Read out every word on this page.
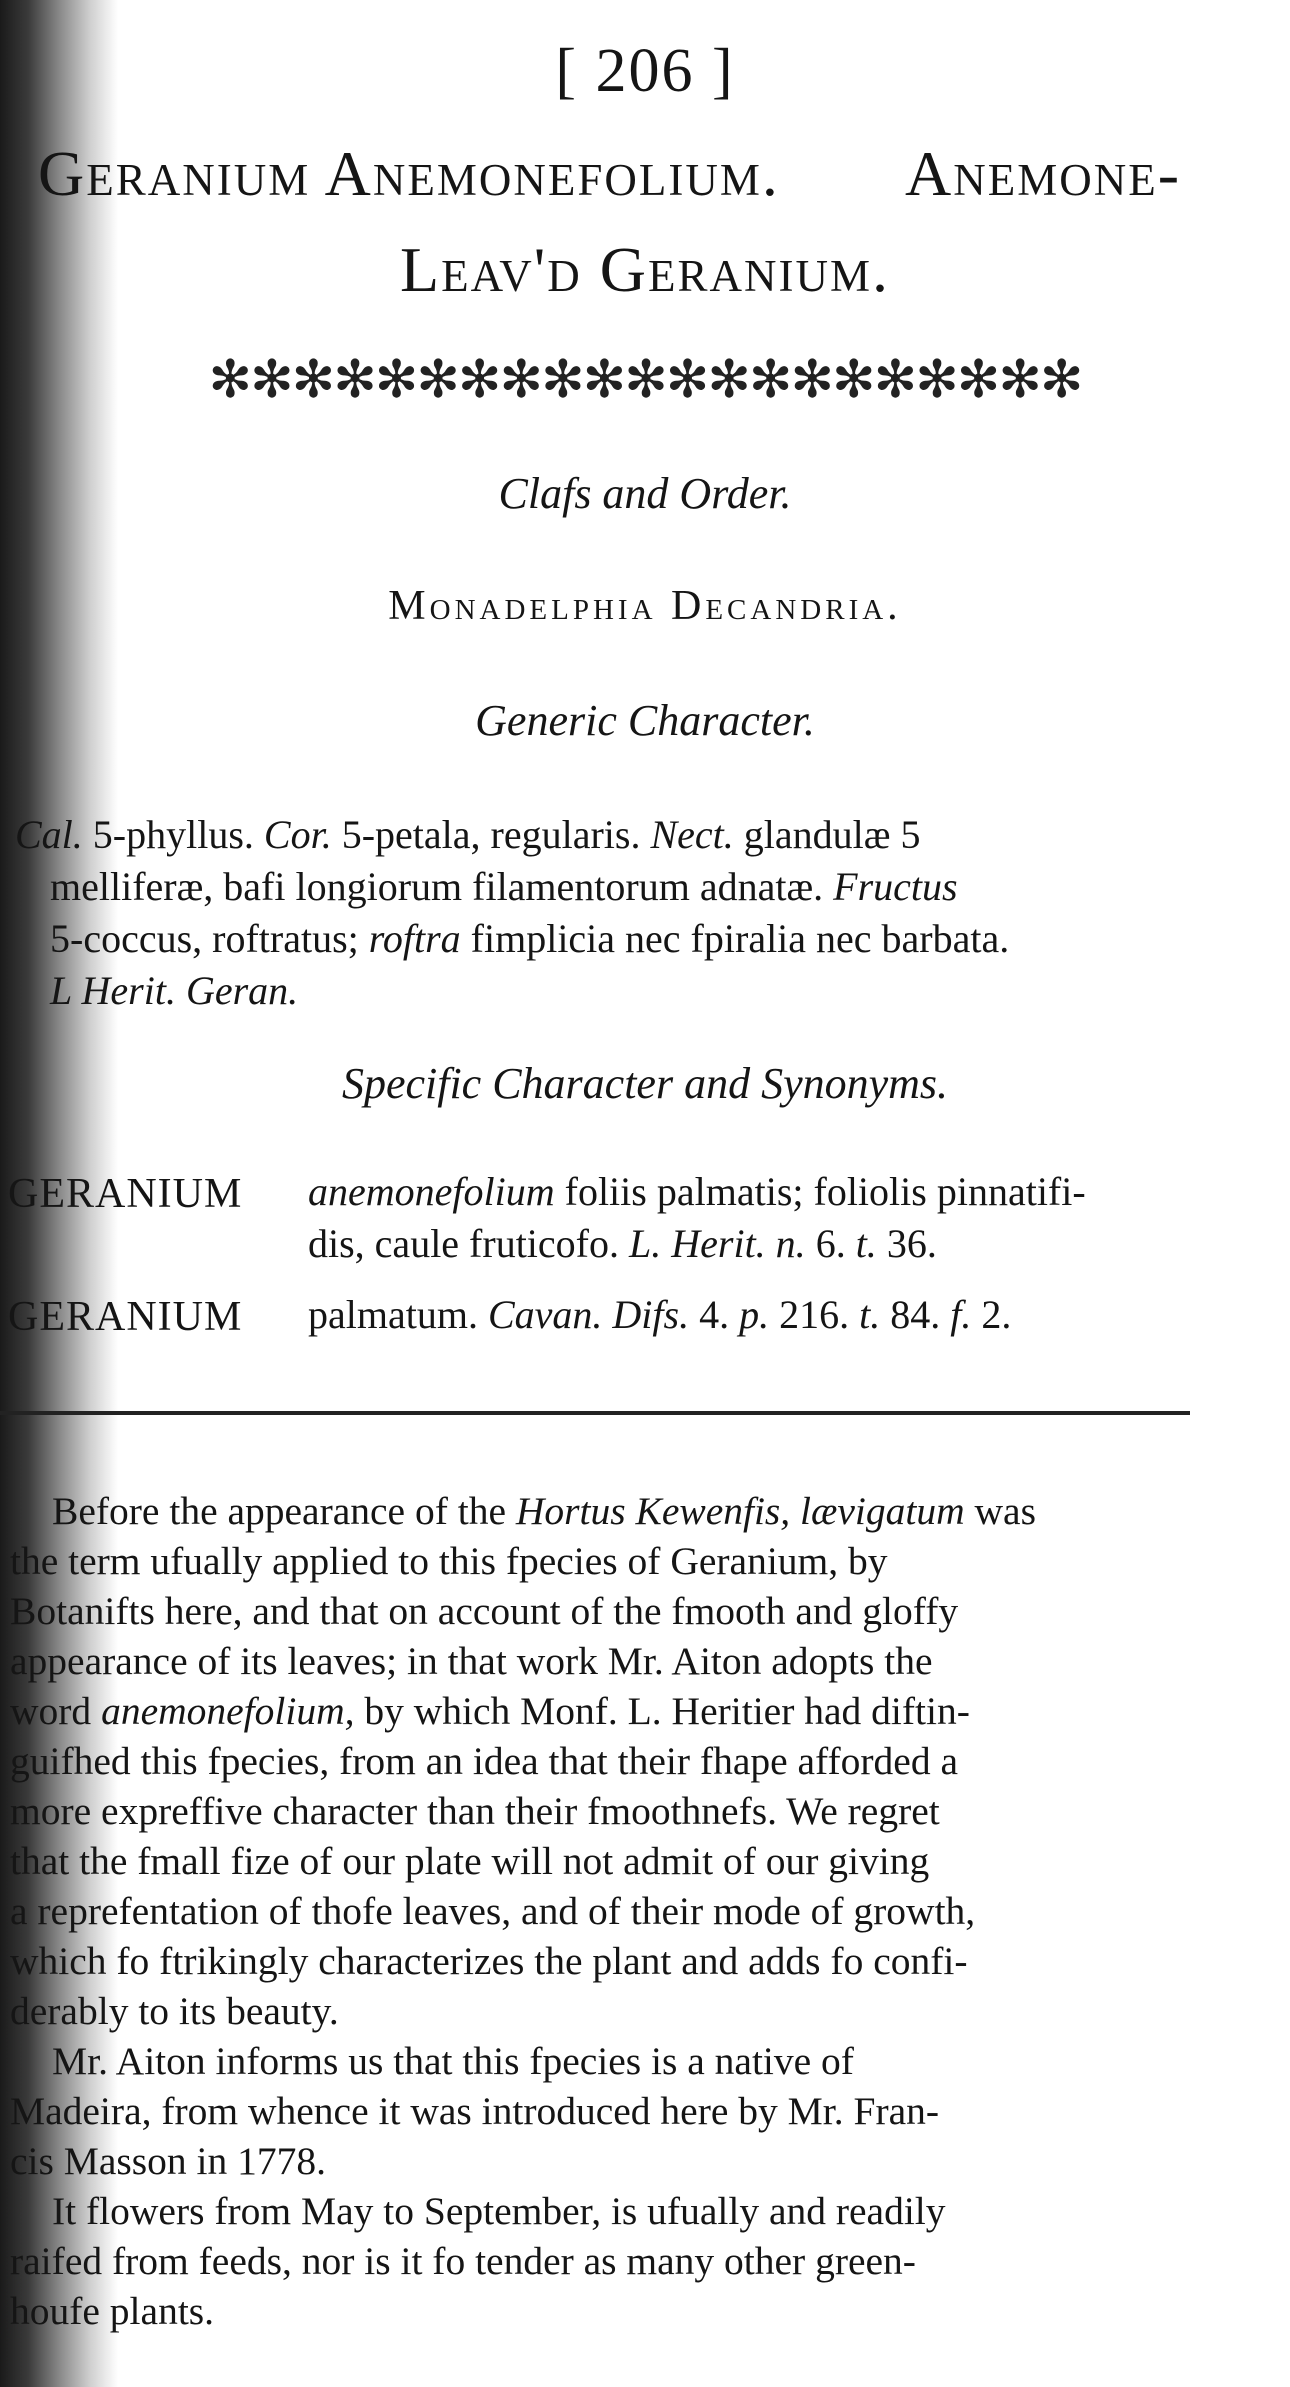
[ 206 ]
Geranium Anemonefolium. Anemone-
Leav'd Geranium.
✻✻✻✻✻✻✻✻✻✻✻✻✻✻✻✻✻✻✻✻✻
Clafs and Order.
Monadelphia Decandria.
Generic Character.
Cal. 5-phyllus. Cor. 5-petala, regularis. Nect. glandulæ 5
melliferæ, bafi longiorum filamentorum adnatæ. Fructus
5-coccus, roftratus; roftra fimplicia nec fpiralia nec barbata.
L Herit. Geran.
Specific Character and Synonyms.
GERANIUM anemonefolium foliis palmatis; foliolis pinnatifi-
dis, caule fruticofo. L. Herit. n. 6. t. 36.
GERANIUM palmatum. Cavan. Difs. 4. p. 216. t. 84. f. 2.
Before the appearance of the Hortus Kewenfis, lævigatum was
the term ufually applied to this fpecies of Geranium, by
Botanifts here, and that on account of the fmooth and gloffy
appearance of its leaves; in that work Mr. Aiton adopts the
word anemonefolium, by which Monf. L. Heritier had diftin-
guifhed this fpecies, from an idea that their fhape afforded a
more expreffive character than their fmoothnefs. We regret
that the fmall fize of our plate will not admit of our giving
a reprefentation of thofe leaves, and of their mode of growth,
which fo ftrikingly characterizes the plant and adds fo confi-
derably to its beauty.
Mr. Aiton informs us that this fpecies is a native of
Madeira, from whence it was introduced here by Mr. Fran-
cis Masson in 1778.
It flowers from May to September, is ufually and readily
raifed from feeds, nor is it fo tender as many other green-
houfe plants.
